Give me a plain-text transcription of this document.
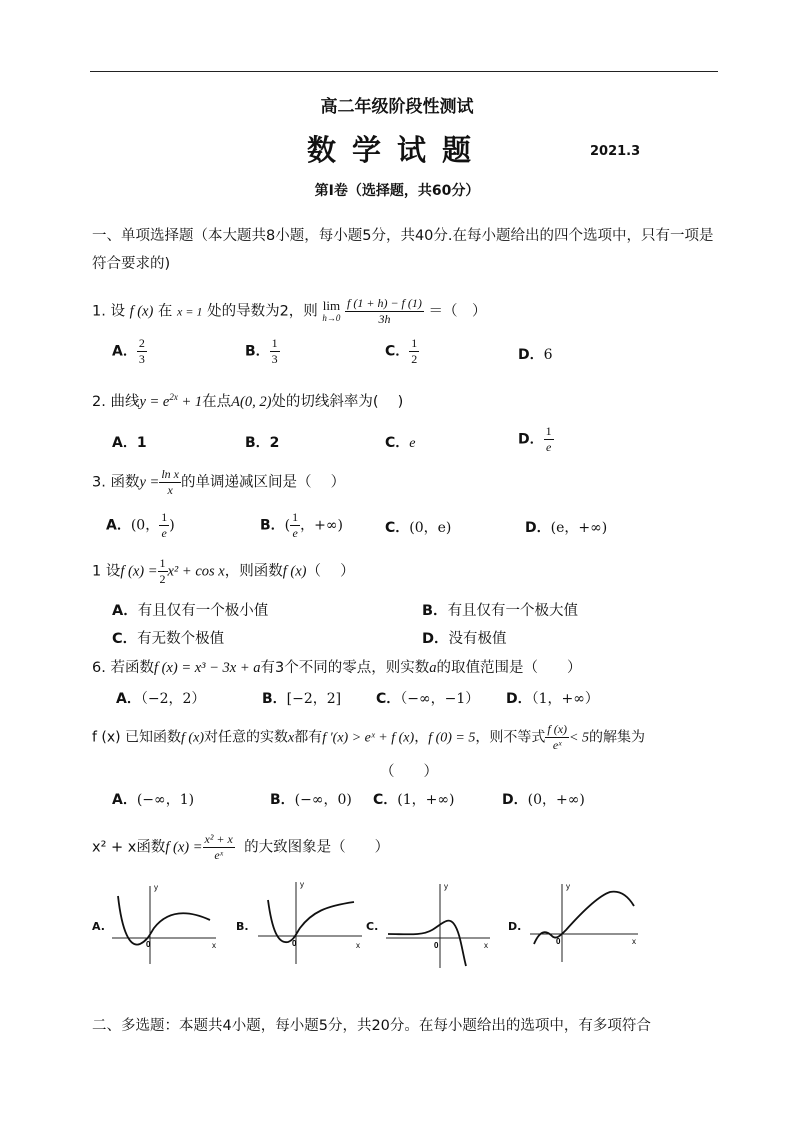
高二年级阶段性测试
数学试题	2021.3
第Ⅰ卷（选择题，共60分）
一、单项选择题（本大题共8小题，每小题5分，共40分.在每小题给出的四个选项中，只有一项是符合要求的)
1. 设 f (x) 在 x = 1 处的导数为2，则 lim
h→0
$\frac{f (1 + h) - f (1)}{3h}$ ＝（　）
A． $\frac{2}{3}$	B． $\frac{1}{3}$	C． $\frac{1}{2}$	D．6
2. 曲线$y = e^{2x} + 1$在点A(0, 2)处的切线斜率为(　 )
A．1	B．2	C．e	D． $\frac{1}{e}$
3. 函数$y = \frac{\text{ln x}}{x}$ 的单调递减区间是（　 ）
A．(0， $\frac{1}{e}$ )	B．( $\frac{1}{e}$ ，+∞)	C．(0，e)	D．(e，+∞)
1 设f $(x) = \frac{1}{2} x^2 + \cos x$，则函数f (x)（　 ）
A．有且仅有一个极小值	B．有且仅有一个极大值
C．有无数个极值	D．没有极值
6. 若函数f (x) = x³ − 3x + a有3个不同的零点，则实数a的取值范围是（　　）
A．（−2，2）	B．[−2，2] C．（−∞，−1） D．（1，+∞）
f (x) 已知函数f (x)对任意的实数x都有f ′(x) > eˣ + f (x)，f (0) = 5，则不等式 $\frac{f (x)}{\text{eˣ}} < 5$的解集为
（　　）
A．(−∞，1)	B．(−∞，0) C．(1，+∞)	D．(0，+∞)
x² + x函数f $(x) = \frac{\text{x² + x}}{\text{eˣ}}$ 的大致图象是（　　）
A.
y
x
0
B.
y
x
0
C.
y
x
0
D.
y
x
0
二、多选题：本题共4小题，每小题5分，共20分。在每小题给出的选项中，有多项符合
